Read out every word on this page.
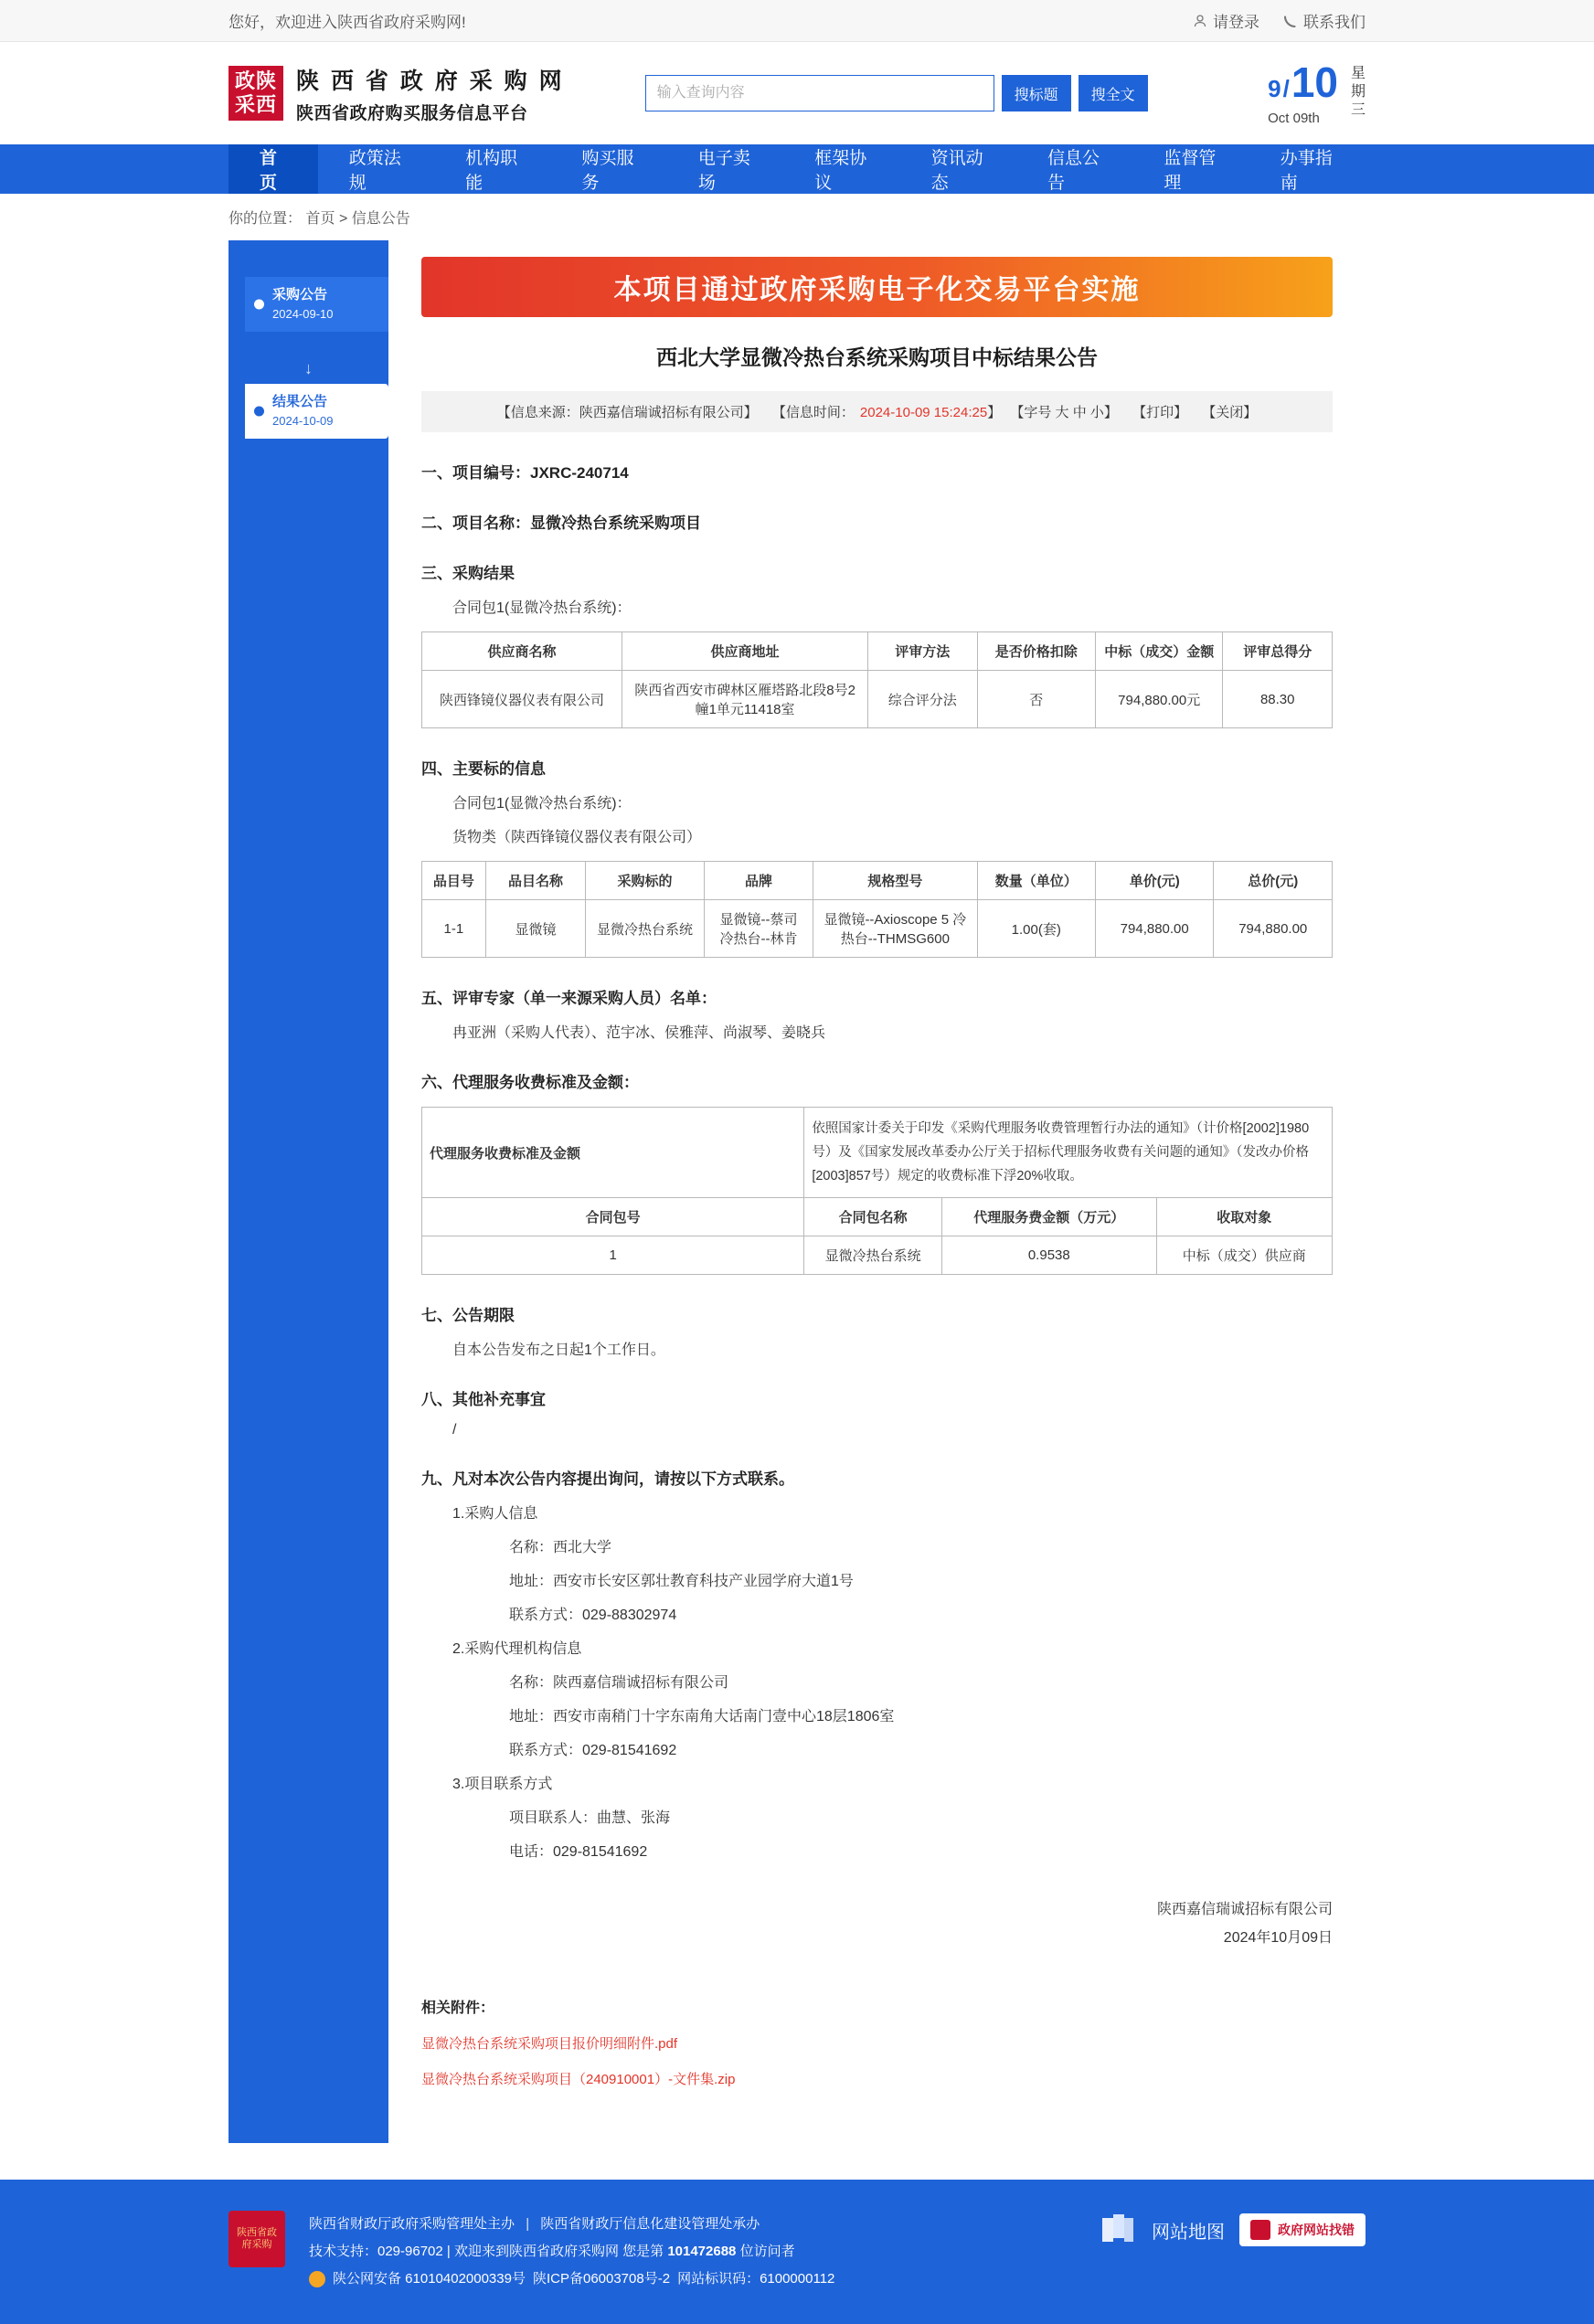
您好，欢迎进入陕西省政府采购网!	请登录	联系我们
政陕
采西
陕 西 省 政 府 采 购 网
陕西省政府购买服务信息平台
输入查询内容
搜标题	搜全文	9 / 10
Oct 09th
星
期
三
首页
政策法规
机构职能
购买服务
电子卖场
框架协议
资讯动态
信息公告
监督管理
办事指南
你的位置： 首页 > 信息公告
采购公告
2024-09-10
↓
结果公告
2024-10-09
本项目通过政府采购电子化交易平台实施
西北大学显微冷热台系统采购项目中标结果公告
【信息来源：陕西嘉信瑞诚招标有限公司】 【信息时间： 2024-10-09 15:24:25】 【字号 大 中 小】 【打印】 【关闭】
一、项目编号：JXRC-240714
二、项目名称：显微冷热台系统采购项目
三、采购结果
合同包1(显微冷热台系统)：
供应商名称	供应商地址	评审方法	是否价格扣除	中标（成交）金额	评审总得分
陕西锋镜仪器仪表有限公司	陕西省西安市碑林区雁塔路北段8号2幢1单元11418室	综合评分法	否	794,880.00元	88.30
四、主要标的信息
合同包1(显微冷热台系统)：
货物类（陕西锋镜仪器仪表有限公司）
品目号	品目名称	采购标的	品牌	规格型号	数量（单位）	单价(元)	总价(元)
1-1	显微镜	显微冷热台系统	显微镜--蔡司 冷热台--林肯	显微镜--Axioscope 5 冷热台--THMSG600	1.00(套)	794,880.00	794,880.00
五、评审专家（单一来源采购人员）名单：
冉亚洲（采购人代表）、范宇冰、侯雅萍、尚淑琴、姜晓兵
六、代理服务收费标准及金额：
代理服务收费标准及金额	依照国家计委关于印发《采购代理服务收费管理暂行办法的通知》（计价格[2002]1980号）及《国家发展改革委办公厅关于招标代理服务收费有关问题的通知》（发改办价格[2003]857号）规定的收费标准下浮20%收取。		
合同包号	合同包名称	代理服务费金额（万元）	收取对象
1	显微冷热台系统	0.9538	中标（成交）供应商
七、公告期限
自本公告发布之日起1个工作日。
八、其他补充事宜
/
九、凡对本次公告内容提出询问，请按以下方式联系。
1.采购人信息
名称：西北大学
地址：西安市长安区郭壮教育科技产业园学府大道1号
联系方式：029-88302974
2.采购代理机构信息
名称：陕西嘉信瑞诚招标有限公司
地址：西安市南稍门十字东南角大话南门壹中心18层1806室
联系方式：029-81541692
3.项目联系方式
项目联系人：曲慧、张海
电话：029-81541692
陕西嘉信瑞诚招标有限公司
2024年10月09日
相关附件：
显微冷热台系统采购项目报价明细附件.pdf
显微冷热台系统采购项目（240910001）-文件集.zip
陕西省政府采购
陕西省财政厅政府采购管理处主办 | 陕西省财政厅信息化建设管理处承办
技术支持：029-96702 | 欢迎来到陕西省政府采购网 您是第 101472688 位访问者
陕公网安备 61010402000339号 陕ICP备06003708号-2 网站标识码：6100000112
网站地图	政府网站找错
